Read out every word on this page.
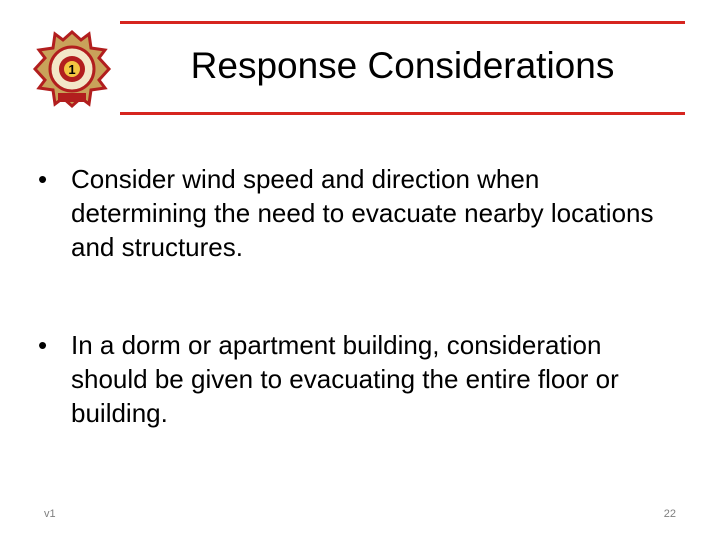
1	Response Considerations
• Consider wind speed and direction when determining the need to evacuate nearby locations and structures.
• In a dorm or apartment building, consideration should be given to evacuating the entire floor or building.
v1	22
